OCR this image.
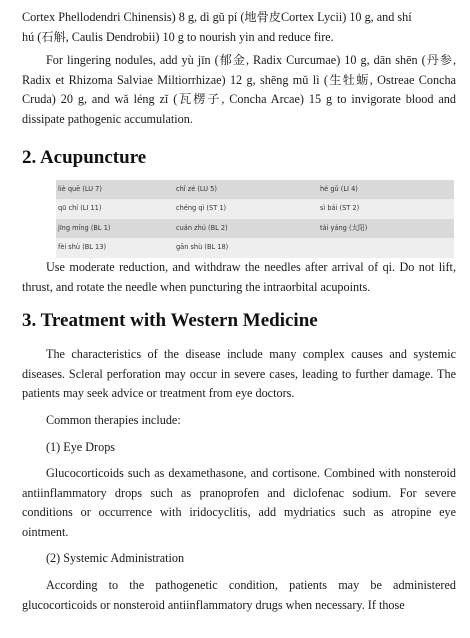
Cortex Phellodendri Chinensis) 8 g, dì gǔ pí (地骨皮Cortex Lycii) 10 g, and shí
hú (石斛, Caulis Dendrobii) 10 g to nourish yin and reduce fire.

For lingering nodules, add yù jīn (郁金, Radix Curcumae) 10 g, dān shēn (丹参, Radix et Rhizoma Salviae Miltiorrhizae) 12 g, shēng mǔ lì (生牡蛎, Ostreae Concha Cruda) 20 g, and wǎ léng zǐ (瓦楞子, Concha Arcae) 15 g to invigorate blood and dissipate pathogenic accumulation.

2. Acupuncture
liè quē (LU 7)	chǐ zé (LU 5)	hé gǔ (LI 4)
qū chí (LI 11)	chéng qì (ST 1)	sì bái (ST 2)
jīng míng (BL 1)	cuán zhú (BL 2)	tài yáng (太阳)
fèi shù (BL 13)	gān shù (BL 18)	

Use moderate reduction, and withdraw the needles after arrival of qi. Do not lift, thrust, and rotate the needle when puncturing the intraorbital acupoints.

3. Treatment with Western Medicine

The characteristics of the disease include many complex causes and systemic diseases. Scleral perforation may occur in severe cases, leading to further damage. The patients may seek advice or treatment from eye doctors.

Common therapies include:

(1) Eye Drops

Glucocorticoids such as dexamethasone, and cortisone. Combined with nonsteroid antiinflammatory drops such as pranoprofen and diclofenac sodium. For severe conditions or occurrence with iridocyclitis, add mydriatics such as atropine eye ointment.

(2) Systemic Administration

According to the pathogenetic condition, patients may be administered glucocorticoids or nonsteroid antiinflammatory drugs when necessary. If those
